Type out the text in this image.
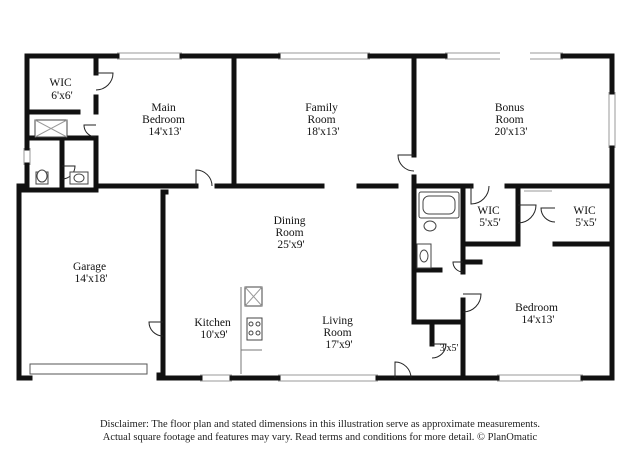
WIC 6'x6'
Main Bedroom 14'x13'
Family Room 18'x13'
Bonus Room 20'x13'
WIC 5'x5'
WIC 5'x5'
Dining Room 25'x9'
Garage 14'x18'
Kitchen 10'x9'
Living Room 17'x9'	3'x5'
Bedroom 14'x13'
Disclaimer: The floor plan and stated dimensions in this illustration serve as approximate measurements.
Actual square footage and features may vary. Read terms and conditions for more detail. © PlanOmatic
